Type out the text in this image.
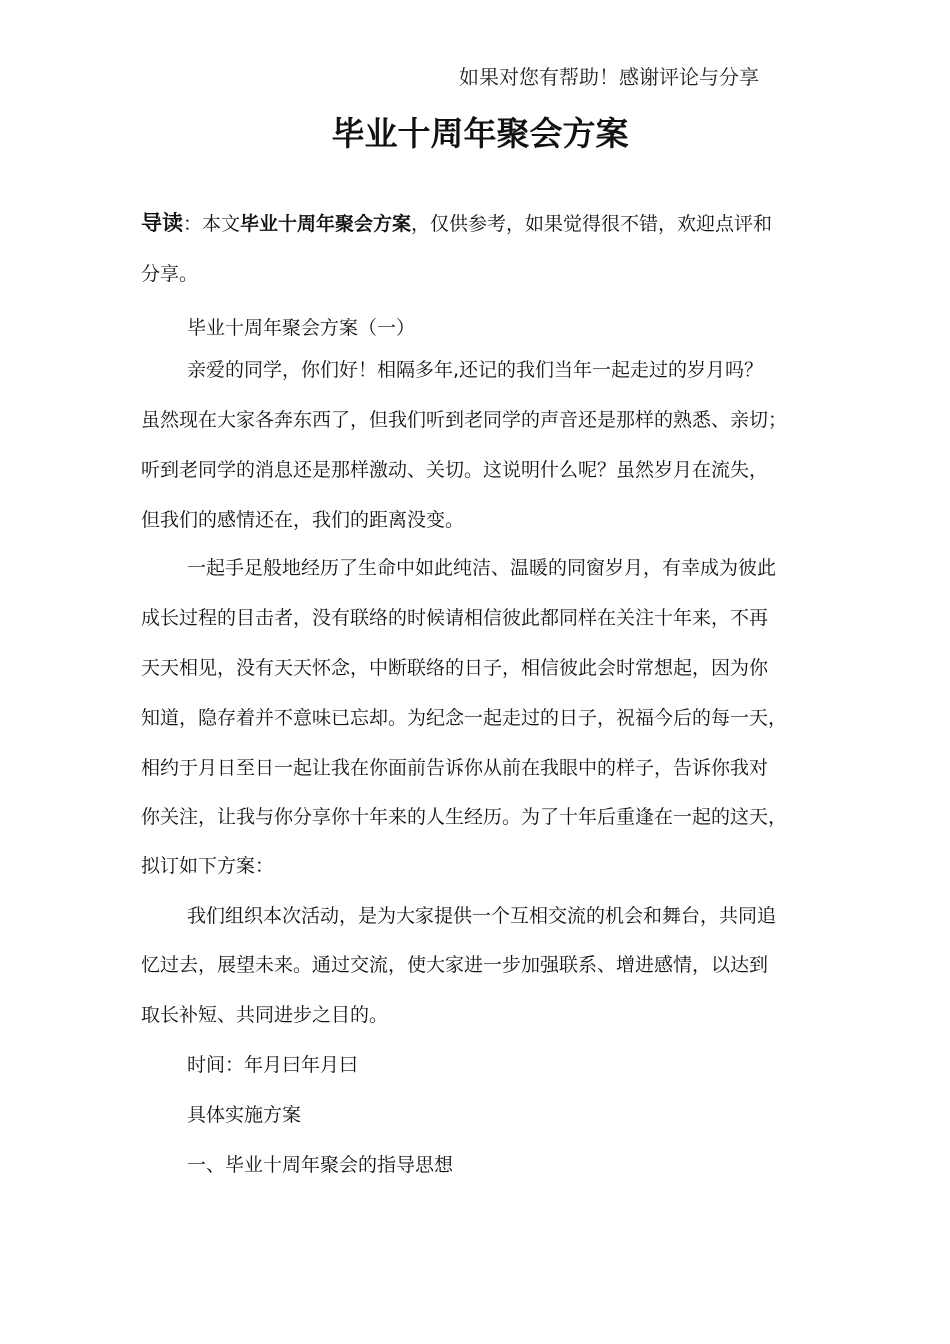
如果对您有帮助！感谢评论与分享
毕业十周年聚会方案
导读：本文毕业十周年聚会方案，仅供参考，如果觉得很不错，欢迎点评和
分享。
毕业十周年聚会方案（一）
亲爱的同学，你们好！相隔多年,还记的我们当年一起走过的岁月吗？
虽然现在大家各奔东西了，但我们听到老同学的声音还是那样的熟悉、亲切；
听到老同学的消息还是那样激动、关切。这说明什么呢？虽然岁月在流失，
但我们的感情还在，我们的距离没变。
一起手足般地经历了生命中如此纯洁、温暖的同窗岁月，有幸成为彼此
成长过程的目击者，没有联络的时候请相信彼此都同样在关注十年来，不再
天天相见，没有天天怀念，中断联络的日子，相信彼此会时常想起，因为你
知道，隐存着并不意味已忘却。为纪念一起走过的日子，祝福今后的每一天，
相约于月日至日一起让我在你面前告诉你从前在我眼中的样子，告诉你我对
你关注，让我与你分享你十年来的人生经历。为了十年后重逢在一起的这天，
拟订如下方案：
我们组织本次活动，是为大家提供一个互相交流的机会和舞台，共同追
忆过去，展望未来。通过交流，使大家进一步加强联系、增进感情，以达到
取长补短、共同进步之目的。
时间：年月曰年月曰
具体实施方案
一、毕业十周年聚会的指导思想
